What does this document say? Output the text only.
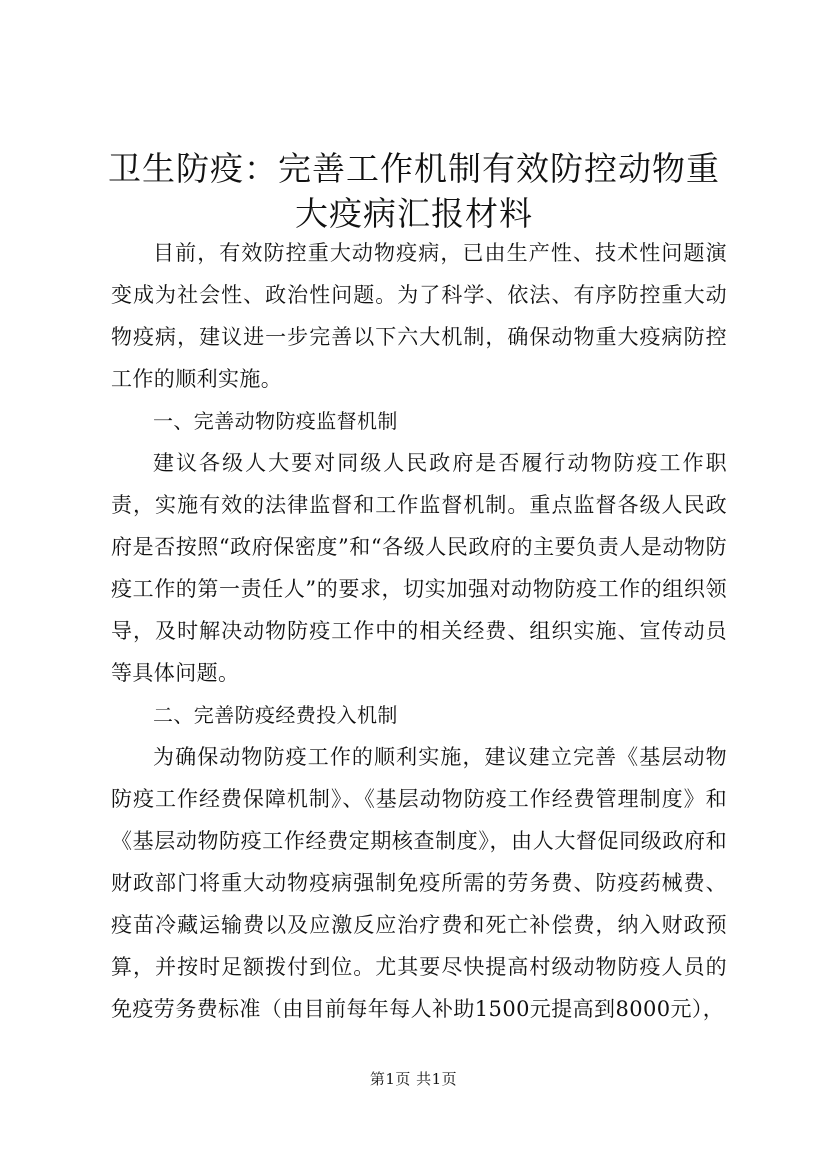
卫生防疫：完善工作机制有效防控动物重大疫病汇报材料

目前，有效防控重大动物疫病，已由生产性、技术性问题演变成为社会性、政治性问题。为了科学、依法、有序防控重大动物疫病，建议进一步完善以下六大机制，确保动物重大疫病防控工作的顺利实施。

一、完善动物防疫监督机制

建议各级人大要对同级人民政府是否履行动物防疫工作职责，实施有效的法律监督和工作监督机制。重点监督各级人民政府是否按照“政府保密度”和“各级人民政府的主要负责人是动物防疫工作的第一责任人”的要求，切实加强对动物防疫工作的组织领导，及时解决动物防疫工作中的相关经费、组织实施、宣传动员等具体问题。

二、完善防疫经费投入机制

为确保动物防疫工作的顺利实施，建议建立完善《基层动物防疫工作经费保障机制》、《基层动物防疫工作经费管理制度》和《基层动物防疫工作经费定期核查制度》，由人大督促同级政府和财政部门将重大动物疫病强制免疫所需的劳务费、防疫药械费、疫苗冷藏运输费以及应激反应治疗费和死亡补偿费，纳入财政预算，并按时足额拨付到位。尤其要尽快提高村级动物防疫人员的免疫劳务费标准（由目前每年每人补助1500元提高到8000元），

第1页 共1页
